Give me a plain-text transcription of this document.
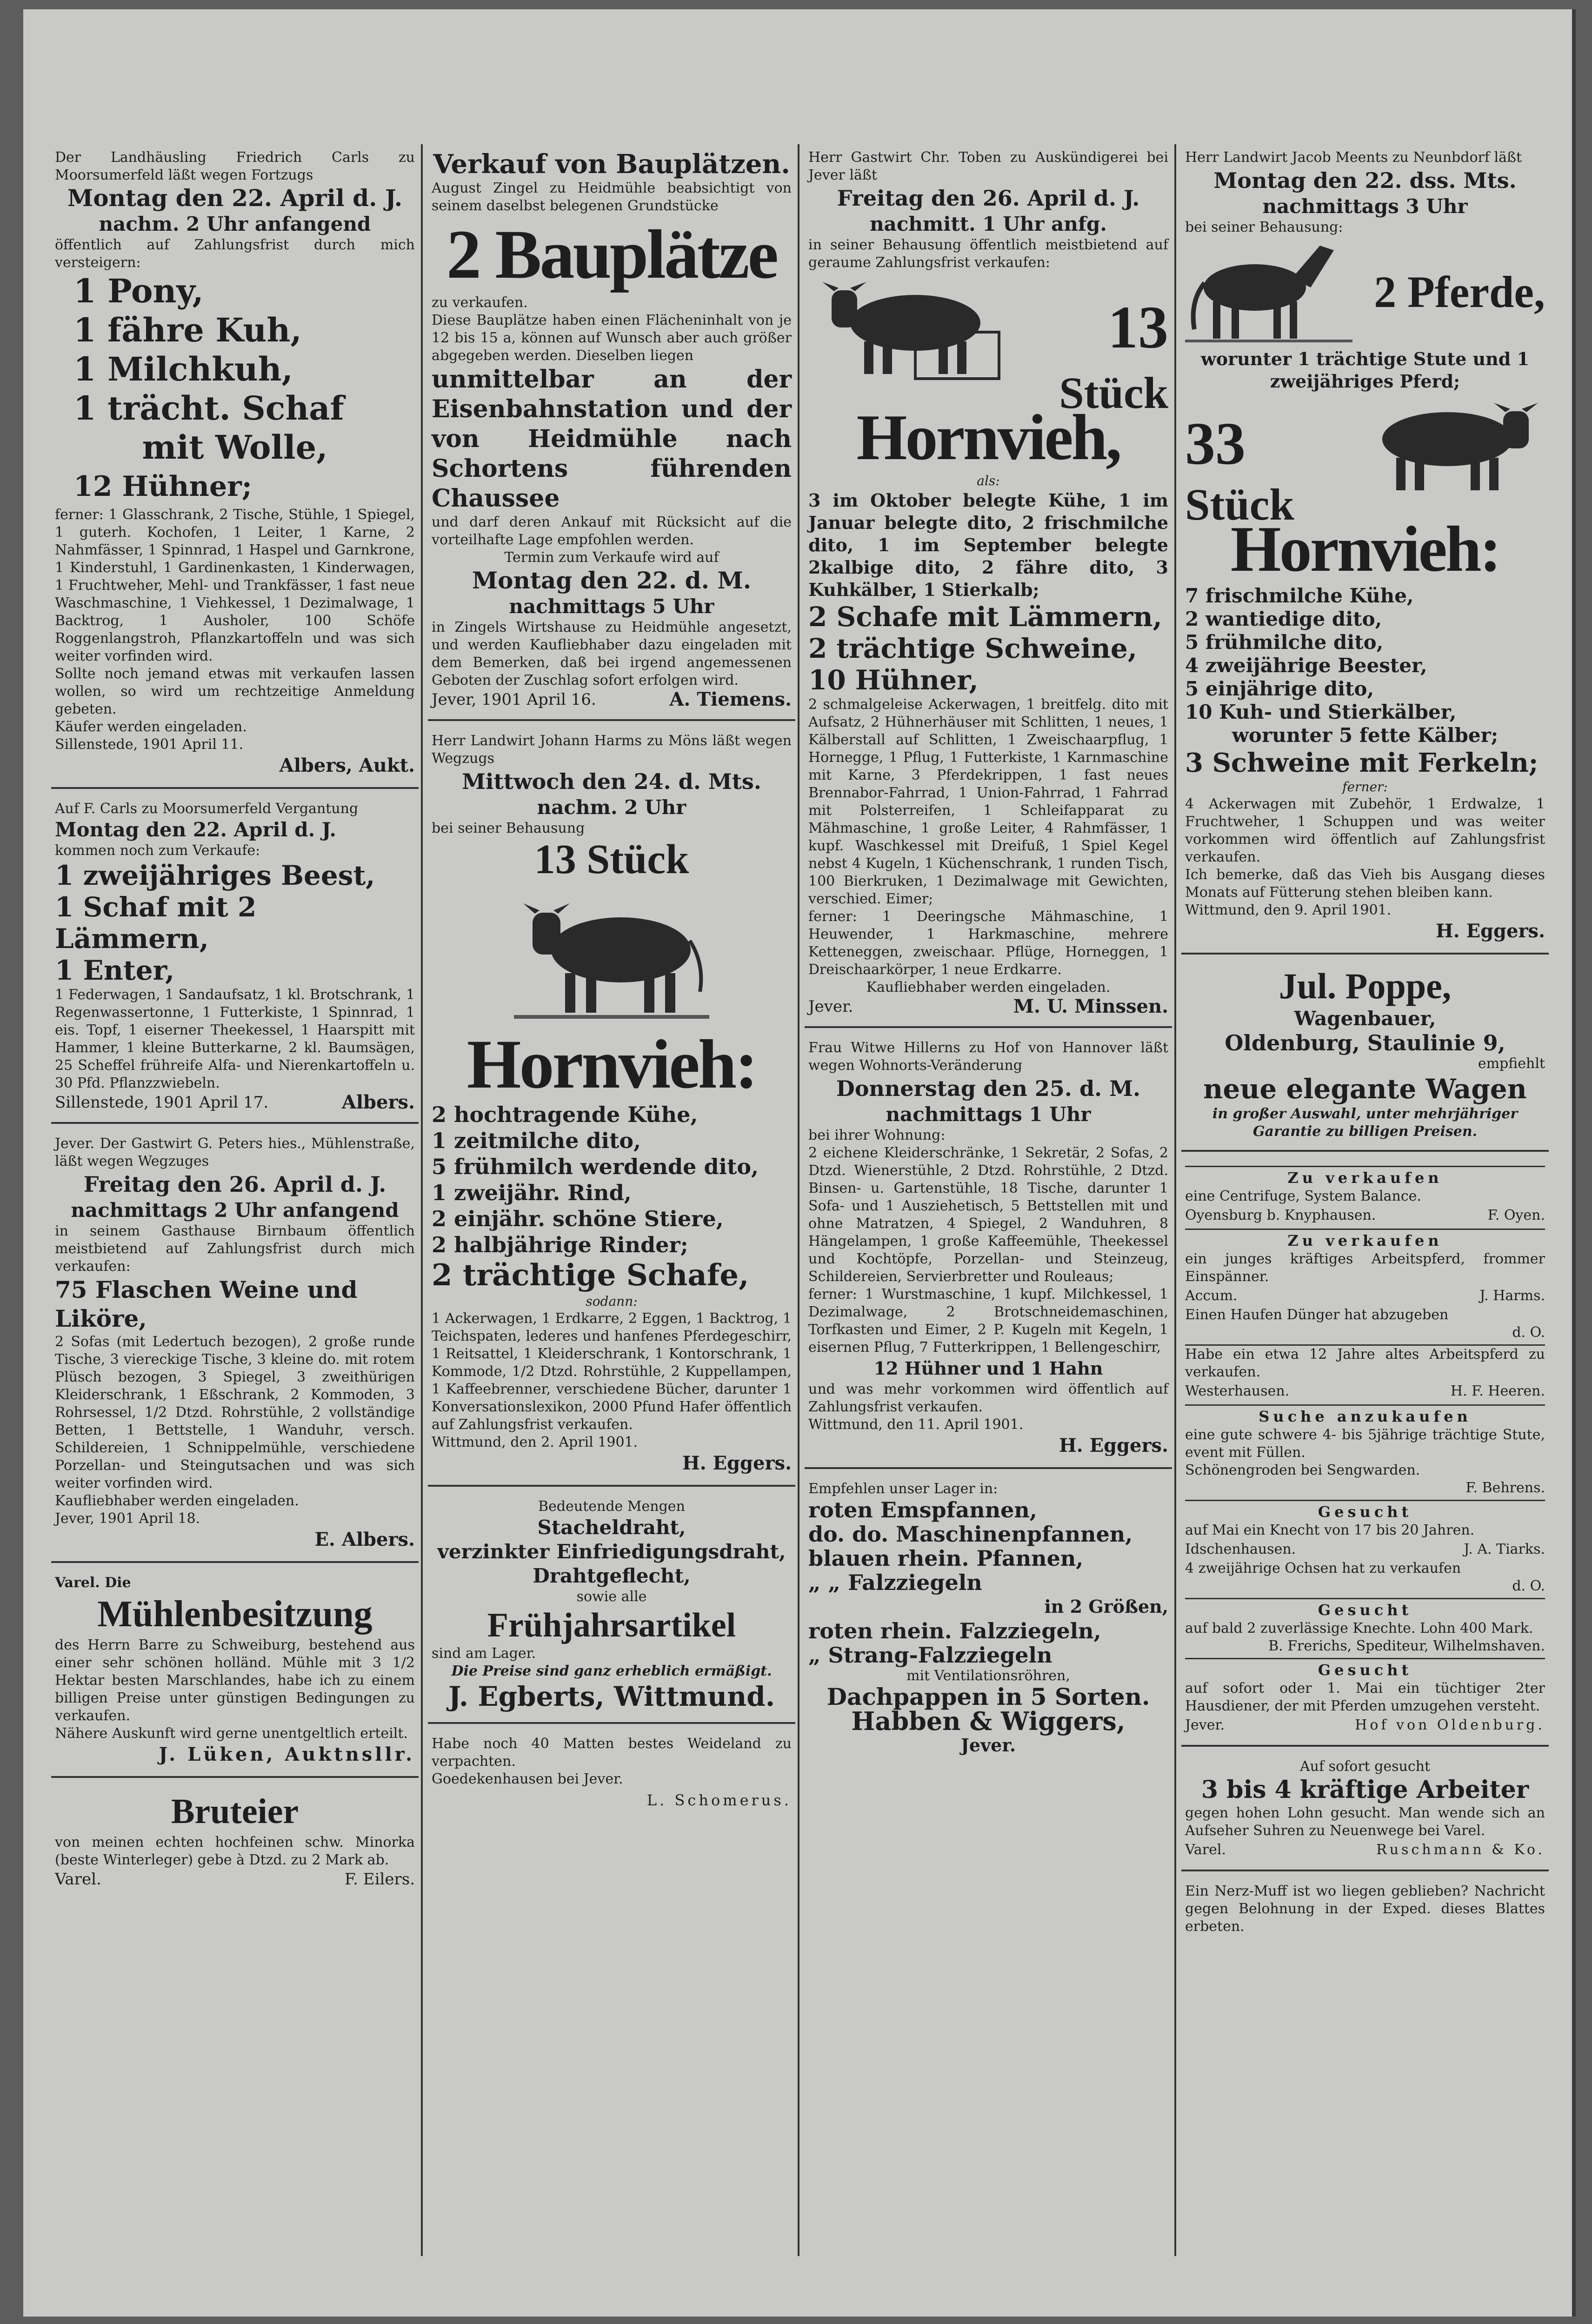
Der Landhäusling Friedrich Carls zu Moorsumerfeld läßt wegen Fortzugs

Montag den 22. April d. J.
nachm. 2 Uhr anfangend

öffentlich auf Zahlungsfrist durch mich versteigern:

1 Pony,
1 fähre Kuh,
1 Milchkuh,
1 trächt. Schaf
mit Wolle,
12 Hühner;

ferner: 1 Glasschrank, 2 Tische, Stühle, 1 Spiegel, 1 guterh. Kochofen, 1 Leiter, 1 Karne, 2 Nahmfässer, 1 Spinnrad, 1 Haspel und Garnkrone, 1 Kinderstuhl, 1 Gardinenkasten, 1 Kinderwagen, 1 Fruchtweher, Mehl- und Trankfässer, 1 fast neue Waschmaschine, 1 Viehkessel, 1 Dezimalwage, 1 Backtrog, 1 Ausholer, 100 Schöfe Roggenlangstroh, Pflanzkartoffeln und was sich weiter vorfinden wird.

Sollte noch jemand etwas mit verkaufen lassen wollen, so wird um rechtzeitige Anmeldung gebeten.

Käufer werden eingeladen.

Sillenstede, 1901 April 11.

Albers, Aukt.

Auf F. Carls zu Moorsumerfeld Vergantung

Montag den 22. April d. J.

kommen noch zum Verkaufe:

1 zweijähriges Beest,
1 Schaf mit 2 Lämmern,
1 Enter,

1 Federwagen, 1 Sandaufsatz, 1 kl. Brotschrank, 1 Regenwassertonne, 1 Futterkiste, 1 Spinnrad, 1 eis. Topf, 1 eiserner Theekessel, 1 Haarspitt mit Hammer, 1 kleine Butterkarne, 2 kl. Baumsägen, 25 Scheffel frühreife Alfa- und Nierenkartoffeln u. 30 Pfd. Pflanzzwiebeln.

Sillenstede, 1901 April 17.	Albers.

Jever. Der Gastwirt G. Peters hies., Mühlenstraße, läßt wegen Wegzuges

Freitag den 26. April d. J.
nachmittags 2 Uhr anfangend

in seinem Gasthause Birnbaum öffentlich meistbietend auf Zahlungsfrist durch mich verkaufen:

75 Flaschen Weine und Liköre,

2 Sofas (mit Ledertuch bezogen), 2 große runde Tische, 3 viereckige Tische, 3 kleine do. mit rotem Plüsch bezogen, 3 Spiegel, 3 zweithürigen Kleiderschrank, 1 Eßschrank, 2 Kommoden, 3 Rohrsessel, 1/2 Dtzd. Rohrstühle, 2 vollständige Betten, 1 Bettstelle, 1 Wanduhr, versch. Schildereien, 1 Schnippelmühle, verschiedene Porzellan- und Steingutsachen und was sich weiter vorfinden wird.

Kaufliebhaber werden eingeladen.

Jever, 1901 April 18.

E. Albers.

Varel. Die

Mühlenbesitzung

des Herrn Barre zu Schweiburg, bestehend aus einer sehr schönen holländ. Mühle mit 3 1/2 Hektar besten Marschlandes, habe ich zu einem billigen Preise unter günstigen Bedingungen zu verkaufen.

Nähere Auskunft wird gerne unentgeltlich erteilt.

J. Lüken, Auktnsllr.
Bruteier

von meinen echten hochfeinen schw. Minorka (beste Winterleger) gebe à Dtzd. zu 2 Mark ab.

Varel.	F. Eilers.
Verkauf von Bauplätzen.

August Zingel zu Heidmühle beabsichtigt von seinem daselbst belegenen Grundstücke

2 Bauplätze

zu verkaufen.

Diese Bauplätze haben einen Flächeninhalt von je 12 bis 15 a, können auf Wunsch aber auch größer abgegeben werden. Dieselben liegen

unmittelbar an der Eisenbahnstation und der von Heidmühle nach Schortens führenden Chaussee

und darf deren Ankauf mit Rücksicht auf die vorteilhafte Lage empfohlen werden.

Termin zum Verkaufe wird auf

Montag den 22. d. M.
nachmittags 5 Uhr

in Zingels Wirtshause zu Heidmühle angesetzt, und werden Kaufliebhaber dazu eingeladen mit dem Bemerken, daß bei irgend angemessenen Geboten der Zuschlag sofort erfolgen wird.

Jever, 1901 April 16.	A. Tiemens.

Herr Landwirt Johann Harms zu Möns läßt wegen Wegzugs

Mittwoch den 24. d. Mts.
nachm. 2 Uhr

bei seiner Behausung

13 Stück
Hornvieh:
2 hochtragende Kühe,
1 zeitmilche dito,
5 frühmilch werdende dito,
1 zweijähr. Rind,
2 einjähr. schöne Stiere,
2 halbjährige Rinder;
2 trächtige Schafe,
sodann:

1 Ackerwagen, 1 Erdkarre, 2 Eggen, 1 Backtrog, 1 Teichspaten, lederes und hanfenes Pferdegeschirr, 1 Reitsattel, 1 Kleiderschrank, 1 Kontorschrank, 1 Kommode, 1/2 Dtzd. Rohrstühle, 2 Kuppellampen, 1 Kaffeebrenner, verschiedene Bücher, darunter 1 Konversationslexikon, 2000 Pfund Hafer öffentlich auf Zahlungsfrist verkaufen.

Wittmund, den 2. April 1901.

H. Eggers.

Bedeutende Mengen

Stacheldraht,
verzinkter Einfriedigungsdraht,
Drahtgeflecht,

sowie alle

Frühjahrsartikel

sind am Lager.

Die Preise sind ganz erheblich ermäßigt.

J. Egberts, Wittmund.

Habe noch 40 Matten bestes Weideland zu verpachten.

Goedekenhausen bei Jever.

L. Schomerus.

Herr Gastwirt Chr. Toben zu Auskündigerei bei Jever läßt

Freitag den 26. April d. J.
nachmitt. 1 Uhr anfg.

in seiner Behausung öffentlich meistbietend auf geraume Zahlungsfrist verkaufen:

13
Stück
Hornvieh,
als:

3 im Oktober belegte Kühe, 1 im Januar belegte dito, 2 frischmilche dito, 1 im September belegte 2kalbige dito, 2 fähre dito, 3 Kuhkälber, 1 Stierkalb;

2 Schafe mit Lämmern,
2 trächtige Schweine,
10 Hühner,

2 schmalgeleise Ackerwagen, 1 breitfelg. dito mit Aufsatz, 2 Hühnerhäuser mit Schlitten, 1 neues, 1 Kälberstall auf Schlitten, 1 Zweischaarpflug, 1 Hornegge, 1 Pflug, 1 Futterkiste, 1 Karnmaschine mit Karne, 3 Pferdekrippen, 1 fast neues Brennabor-Fahrrad, 1 Union-Fahrrad, 1 Fahrrad mit Polsterreifen, 1 Schleifapparat zu Mähmaschine, 1 große Leiter, 4 Rahmfässer, 1 kupf. Waschkessel mit Dreifuß, 1 Spiel Kegel nebst 4 Kugeln, 1 Küchenschrank, 1 runden Tisch, 100 Bierkruken, 1 Dezimalwage mit Gewichten, verschied. Eimer;

ferner: 1 Deeringsche Mähmaschine, 1 Heuwender, 1 Harkmaschine, mehrere Ketteneggen, zweischaar. Pflüge, Horneggen, 1 Dreischaarkörper, 1 neue Erdkarre.

Kaufliebhaber werden eingeladen.

Jever.	M. U. Minssen.

Frau Witwe Hillerns zu Hof von Hannover läßt wegen Wohnorts-Veränderung

Donnerstag den 25. d. M.
nachmittags 1 Uhr

bei ihrer Wohnung:

2 eichene Kleiderschränke, 1 Sekretär, 2 Sofas, 2 Dtzd. Wienerstühle, 2 Dtzd. Rohrstühle, 2 Dtzd. Binsen- u. Gartenstühle, 18 Tische, darunter 1 Sofa- und 1 Ausziehetisch, 5 Bettstellen mit und ohne Matratzen, 4 Spiegel, 2 Wanduhren, 8 Hängelampen, 1 große Kaffeemühle, Theekessel und Kochtöpfe, Porzellan- und Steinzeug, Schildereien, Servierbretter und Rouleaus;

ferner: 1 Wurstmaschine, 1 kupf. Milchkessel, 1 Dezimalwage, 2 Brotschneidemaschinen, Torfkasten und Eimer, 2 P. Kugeln mit Kegeln, 1 eisernen Pflug, 7 Futterkrippen, 1 Bellengeschirr,

12 Hühner und 1 Hahn

und was mehr vorkommen wird öffentlich auf Zahlungsfrist verkaufen.

Wittmund, den 11. April 1901.

H. Eggers.

Empfehlen unser Lager in:

roten Emspfannen,
do. do. Maschinenpfannen,
blauen rhein. Pfannen,
„ „ Falzziegeln
in 2 Größen,
roten rhein. Falzziegeln,
„ Strang-Falzziegeln
mit Ventilationsröhren,
Dachpappen in 5 Sorten.
Habben & Wiggers,
Jever.

Herr Landwirt Jacob Meents zu Neunbdorf läßt

Montag den 22. dss. Mts.
nachmittags 3 Uhr

bei seiner Behausung:

2 Pferde,

worunter 1 trächtige Stute und 1 zweijähriges Pferd;

33
Stück
Hornvieh:
7 frischmilche Kühe,
2 wantiedige dito,
5 frühmilche dito,
4 zweijährige Beester,
5 einjährige dito,
10 Kuh- und Stierkälber,
worunter 5 fette Kälber;
3 Schweine mit Ferkeln;
ferner:

4 Ackerwagen mit Zubehör, 1 Erdwalze, 1 Fruchtweher, 1 Schuppen und was weiter vorkommen wird öffentlich auf Zahlungsfrist verkaufen.

Ich bemerke, daß das Vieh bis Ausgang dieses Monats auf Fütterung stehen bleiben kann.

Wittmund, den 9. April 1901.

H. Eggers.
Jul. Poppe,
Wagenbauer,
Oldenburg, Staulinie 9,
empfiehlt
neue elegante Wagen

in großer Auswahl, unter mehrjähriger Garantie zu billigen Preisen.

Zu verkaufen

eine Centrifuge, System Balance.

Oyensburg b. Knyphausen.	F. Oyen.
Zu verkaufen

ein junges kräftiges Arbeitspferd, frommer Einspänner.

Accum.	J. Harms.

Einen Haufen Dünger hat abzugeben

d. O.

Habe ein etwa 12 Jahre altes Arbeitspferd zu verkaufen.

Westerhausen.	H. F. Heeren.
Suche anzukaufen

eine gute schwere 4- bis 5jährige trächtige Stute, event mit Füllen.

Schönengroden bei Sengwarden.

F. Behrens.
Gesucht

auf Mai ein Knecht von 17 bis 20 Jahren.

Idschenhausen.	J. A. Tiarks.

4 zweijährige Ochsen hat zu verkaufen

d. O.
Gesucht

auf bald 2 zuverlässige Knechte. Lohn 400 Mark.

B. Frerichs, Spediteur, Wilhelmshaven.
Gesucht

auf sofort oder 1. Mai ein tüchtiger 2ter Hausdiener, der mit Pferden umzugehen versteht.

Jever.	Hof von Oldenburg.

Auf sofort gesucht

3 bis 4 kräftige Arbeiter

gegen hohen Lohn gesucht. Man wende sich an Aufseher Suhren zu Neuenwege bei Varel.

Varel.	Ruschmann & Ko.

Ein Nerz-Muff ist wo liegen geblieben? Nachricht gegen Belohnung in der Exped. dieses Blattes erbeten.
